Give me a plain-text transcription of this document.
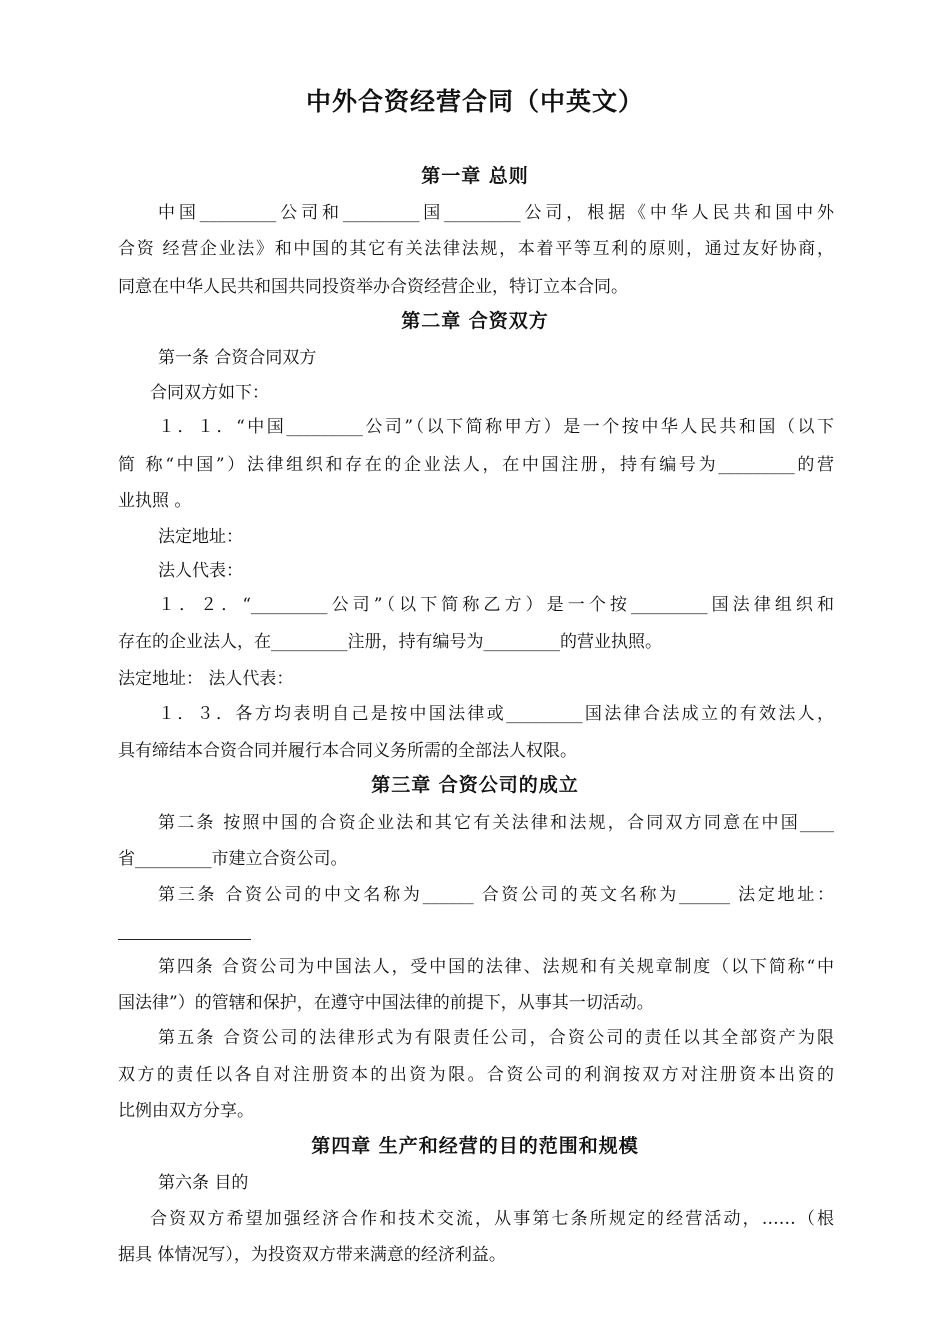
中外合资经营合同（中英文）
第一章 总则
中国_________公司和_________国_________公司，根据《中华人民共和国中外
合资 经营企业法》和中国的其它有关法律法规，本着平等互利的原则，通过友好协商，
同意在中华人民共和国共同投资举办合资经营企业，特订立本合同。
第二章 合资双方
第一条 合资合同双方
合同双方如下：
１．１．“中国_________公司”（以下简称甲方）是一个按中华人民共和国（以下
简 称“中国”）法律组织和存在的企业法人，在中国注册，持有编号为_________的营
业执照 。
法定地址：
法人代表：
１．２．“_________公司”（以下简称乙方）是一个按_________国法律组织和
存在的企业法人，在_________注册，持有编号为_________的营业执照。
法定地址： 法人代表：
１．３．各方均表明自己是按中国法律或_________国法律合法成立的有效法人，
具有缔结本合资合同并履行本合同义务所需的全部法人权限。
第三章 合资公司的成立
第二条 按照中国的合资企业法和其它有关法律和法规，合同双方同意在中国____
省_________市建立合资公司。
第三条 合资公司的中文名称为______ 合资公司的英文名称为______ 法定地址：
第四条 合资公司为中国法人，受中国的法律、法规和有关规章制度（以下简称“中
国法律”）的管辖和保护，在遵守中国法律的前提下，从事其一切活动。
第五条 合资公司的法律形式为有限责任公司，合资公司的责任以其全部资产为限
双方的责任以各自对注册资本的出资为限。合资公司的利润按双方对注册资本出资的
比例由双方分享。
第四章 生产和经营的目的范围和规模
第六条 目的
合资双方希望加强经济合作和技术交流，从事第七条所规定的经营活动，……（根
据具 体情况写），为投资双方带来满意的经济利益。
